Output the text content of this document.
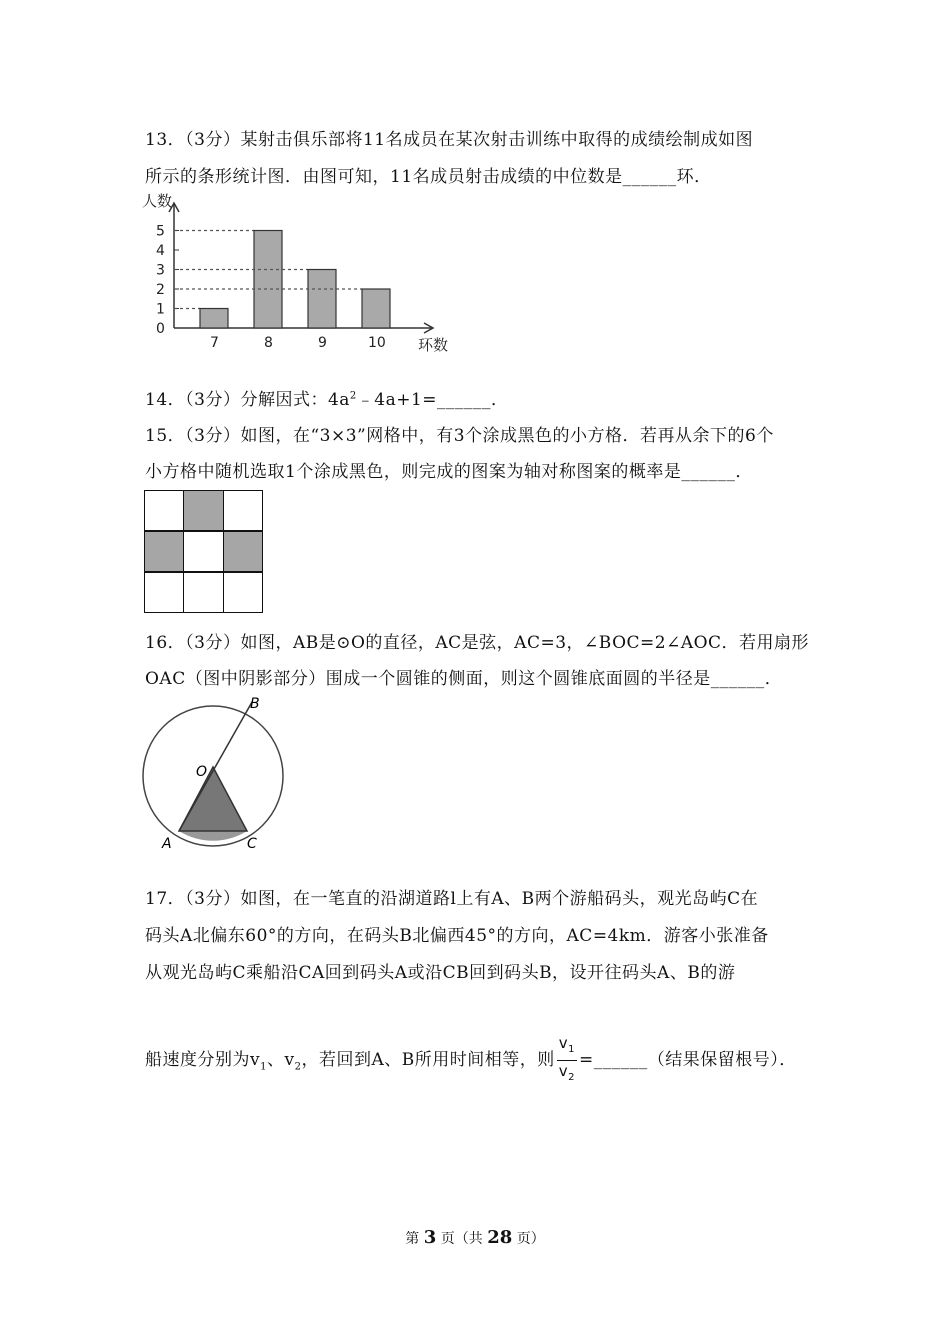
13．（3分）某射击俱乐部将11名成员在某次射击训练中取得的成绩绘制成如图
所示的条形统计图．由图可知，11名成员射击成绩的中位数是______环．
0
1
2
3
4
5
人数
环数
7	8	9	10
14．（3分）分解因式：$4a^2﹣4a+1=\_\_\_\_\_\_$．
15．（3分）如图，在“3×3”网格中，有3个涂成黑色的小方格．若再从余下的6个
小方格中随机选取1个涂成黑色，则完成的图案为轴对称图案的概率是______．

16．（3分）如图，AB是⊙O的直径，AC是弦，AC=3，∠BOC=2∠AOC．若用扇形
OAC（图中阴影部分）围成一个圆锥的侧面，则这个圆锥底面圆的半径是______．
B
O
A	C
17．（3分）如图，在一笔直的沿湖道路l上有A、B两个游船码头，观光岛屿C在
码头A北偏东60°的方向，在码头B北偏西45°的方向，AC=4km．游客小张准备
从观光岛屿C乘船沿CA回到码头A或沿CB回到码头B，设开往码头A、B的游
船速度分别为$v_1$、$v_2$，若回到A、B所用时间相等，则 $\frac{v_1}{v_2}$ =______（结果保留根号）．
第 3 页（共 28 页）
